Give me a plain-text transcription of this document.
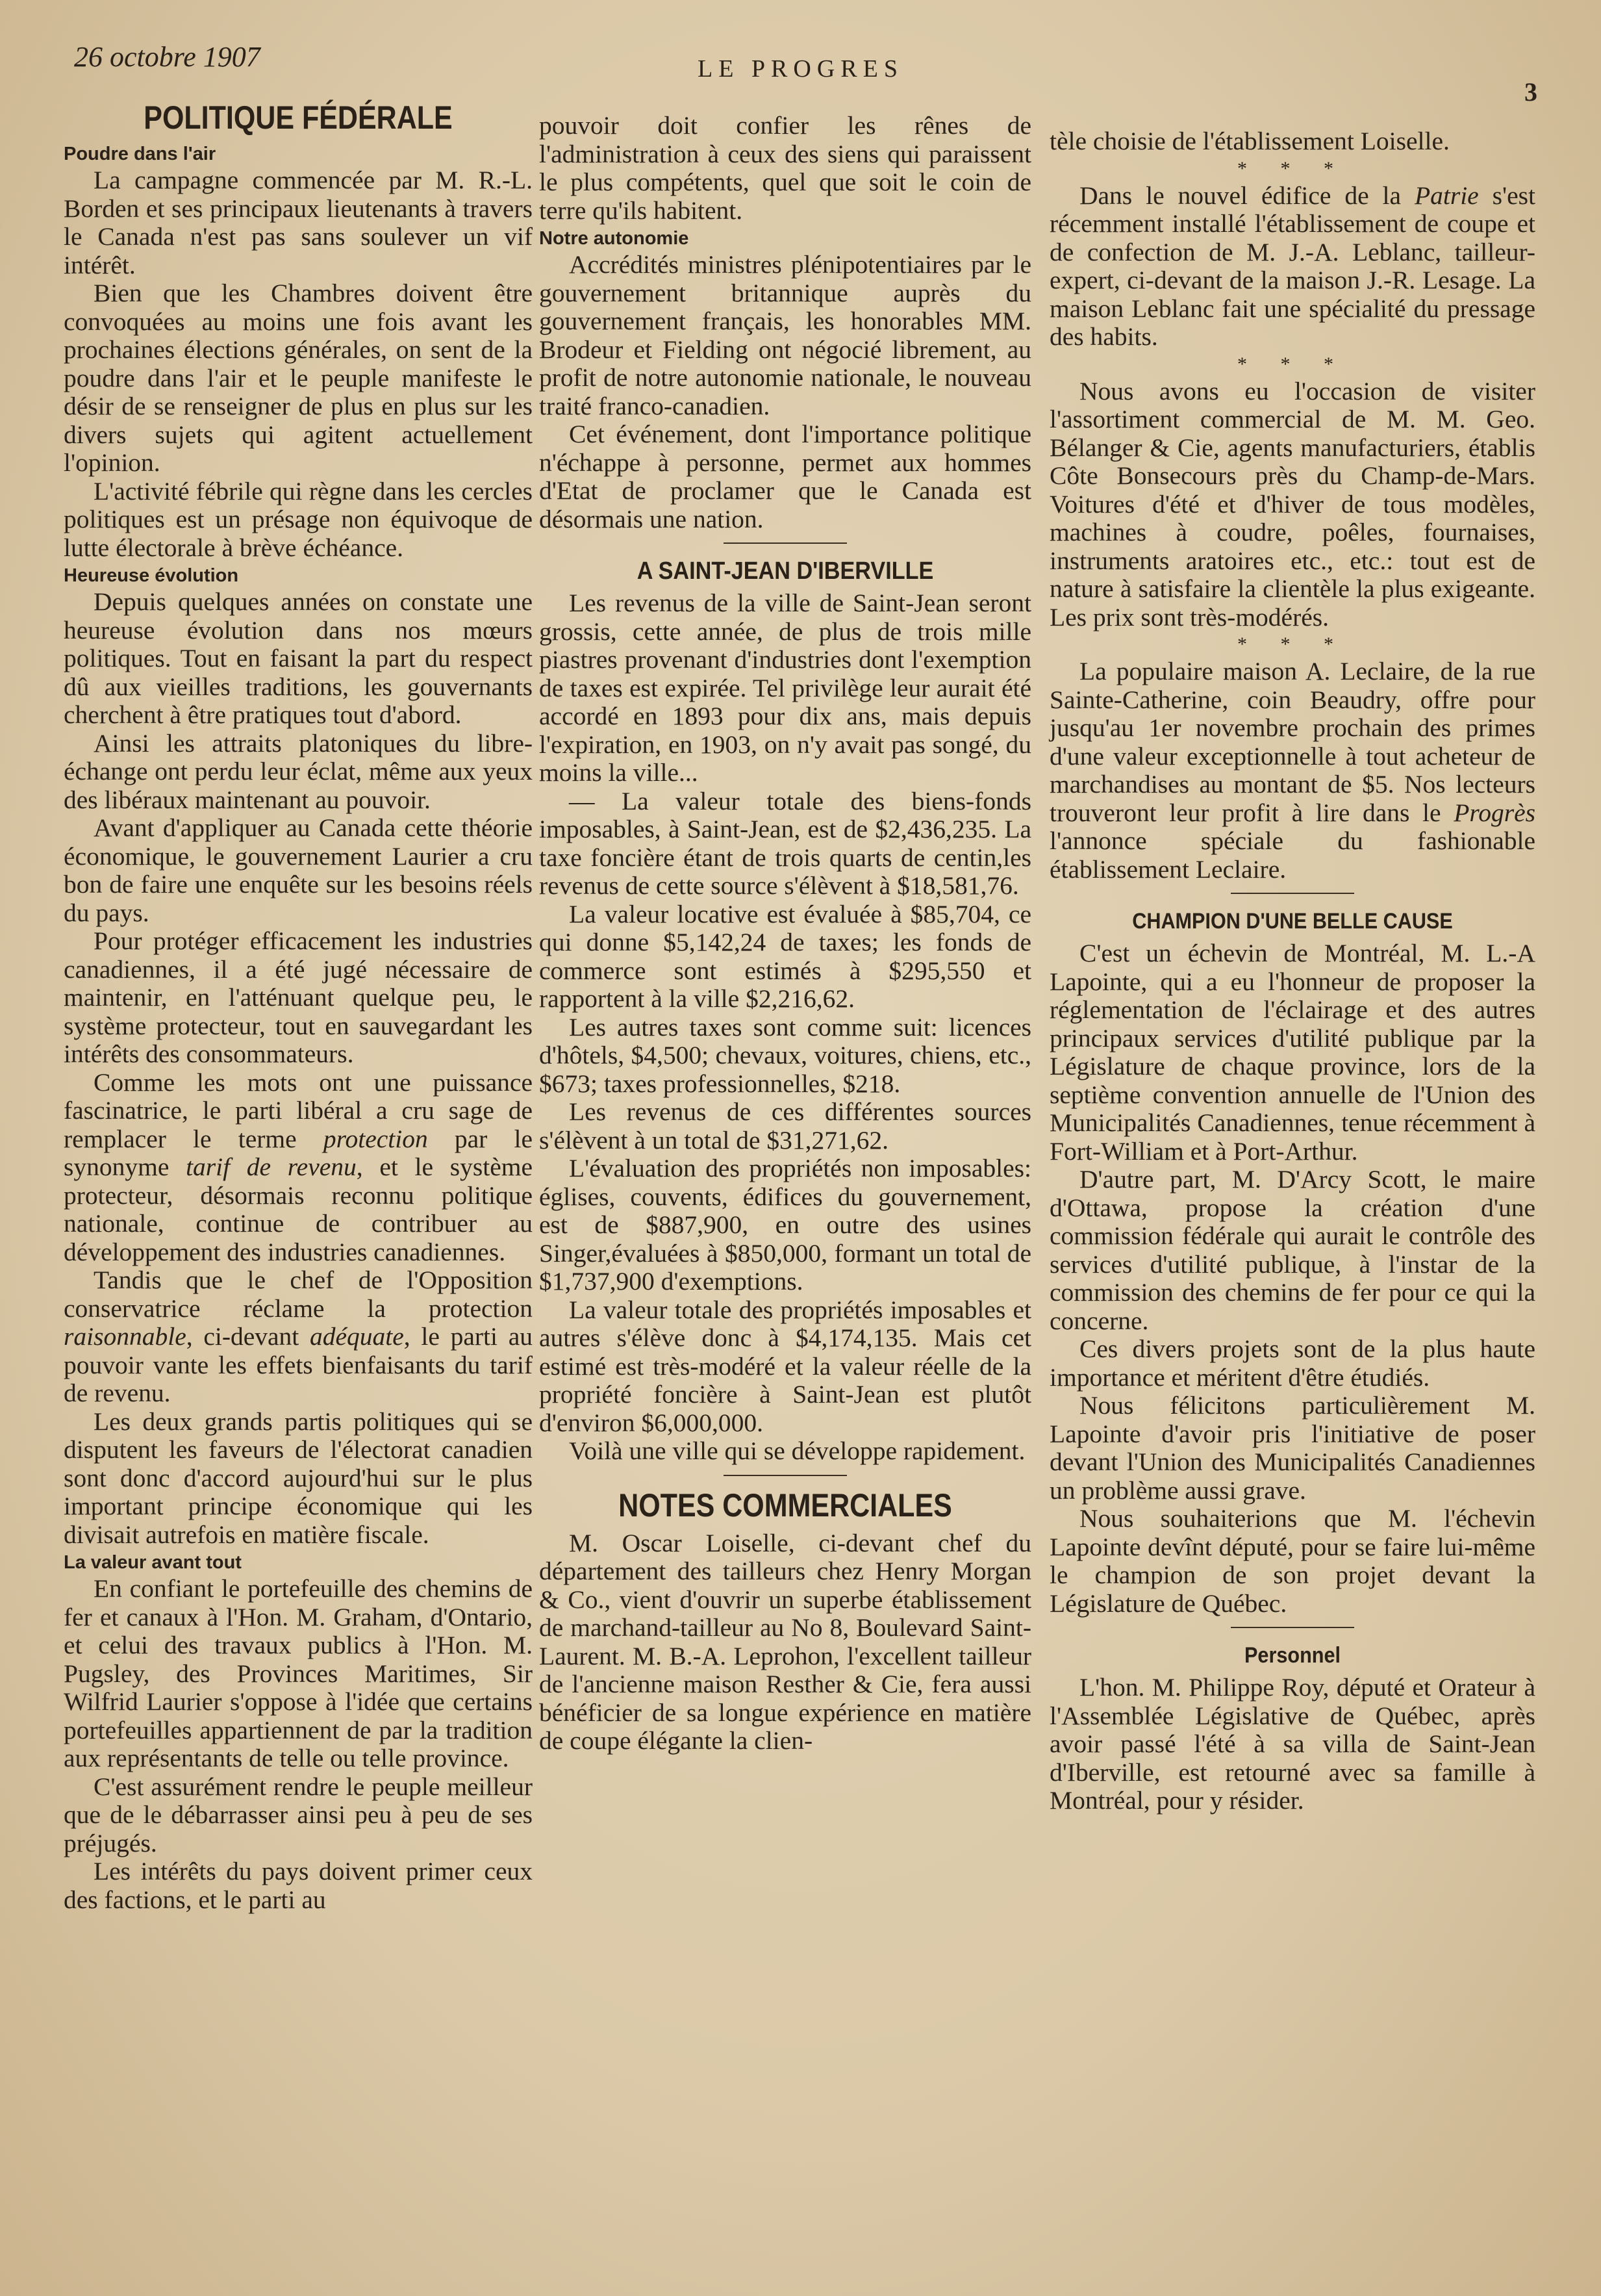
26 octobre 1907	LE PROGRES
3
POLITIQUE FÉDÉRALE
Poudre dans l'air

La campagne commencée par M. R.-L. Borden et ses principaux lieutenants à travers le Canada n'est pas sans soulever un vif intérêt.

Bien que les Chambres doivent être convoquées au moins une fois avant les prochaines élections générales, on sent de la poudre dans l'air et le peuple manifeste le désir de se renseigner de plus en plus sur les divers sujets qui agitent actuellement l'opinion.

L'activité fébrile qui règne dans les cercles politiques est un présage non équivoque de lutte électorale à brève échéance.

Heureuse évolution

Depuis quelques années on constate une heureuse évolution dans nos mœurs politiques. Tout en faisant la part du respect dû aux vieilles traditions, les gouvernants cherchent à être pratiques tout d'abord.

Ainsi les attraits platoniques du libre-échange ont perdu leur éclat, même aux yeux des libéraux maintenant au pouvoir.

Avant d'appliquer au Canada cette théorie économique, le gouvernement Laurier a cru bon de faire une enquête sur les besoins réels du pays.

Pour protéger efficacement les industries canadiennes, il a été jugé nécessaire de maintenir, en l'atténuant quelque peu, le système protecteur, tout en sauvegardant les intérêts des consommateurs.

Comme les mots ont une puissance fascinatrice, le parti libéral a cru sage de remplacer le terme protection par le synonyme tarif de revenu, et le système protecteur, désormais reconnu politique nationale, continue de contribuer au développement des industries canadiennes.

Tandis que le chef de l'Opposition conservatrice réclame la protection raisonnable, ci-devant adéquate, le parti au pouvoir vante les effets bienfaisants du tarif de revenu.

Les deux grands partis politiques qui se disputent les faveurs de l'électorat canadien sont donc d'accord aujourd'hui sur le plus important principe économique qui les divisait autrefois en matière fiscale.

La valeur avant tout

En confiant le portefeuille des chemins de fer et canaux à l'Hon. M. Graham, d'Ontario, et celui des travaux publics à l'Hon. M. Pugsley, des Provinces Maritimes, Sir Wilfrid Laurier s'oppose à l'idée que certains portefeuilles appartiennent de par la tradition aux représentants de telle ou telle province.

C'est assurément rendre le peuple meilleur que de le débarrasser ainsi peu à peu de ses préjugés.

Les intérêts du pays doivent primer ceux des factions, et le parti au

pouvoir doit confier les rênes de l'administration à ceux des siens qui paraissent le plus compétents, quel que soit le coin de terre qu'ils habitent.

Notre autonomie

Accrédités ministres plénipotentiaires par le gouvernement britannique auprès du gouvernement français, les honorables MM. Brodeur et Fielding ont négocié librement, au profit de notre autonomie nationale, le nouveau traité franco-canadien.

Cet événement, dont l'importance politique n'échappe à personne, permet aux hommes d'Etat de proclamer que le Canada est désormais une nation.

A SAINT-JEAN D'IBERVILLE

Les revenus de la ville de Saint-Jean seront grossis, cette année, de plus de trois mille piastres provenant d'industries dont l'exemption de taxes est expirée. Tel privilège leur aurait été accordé en 1893 pour dix ans, mais depuis l'expiration, en 1903, on n'y avait pas songé, du moins la ville...

— La valeur totale des biens-fonds imposables, à Saint-Jean, est de $2,436,235. La taxe foncière étant de trois quarts de centin,les revenus de cette source s'élèvent à $18,581,76.

La valeur locative est évaluée à $85,704, ce qui donne $5,142,24 de taxes; les fonds de commerce sont estimés à $295,550 et rapportent à la ville $2,216,62.

Les autres taxes sont comme suit: licences d'hôtels, $4,500; chevaux, voitures, chiens, etc., $673; taxes professionnelles, $218.

Les revenus de ces différentes sources s'élèvent à un total de $31,271,62.

L'évaluation des propriétés non imposables: églises, couvents, édifices du gouvernement, est de $887,900, en outre des usines Singer,évaluées à $850,000, formant un total de $1,737,900 d'exemptions.

La valeur totale des propriétés imposables et autres s'élève donc à $4,174,135. Mais cet estimé est très-modéré et la valeur réelle de la propriété foncière à Saint-Jean est plutôt d'environ $6,000,000.

Voilà une ville qui se développe rapidement.

NOTES COMMERCIALES

M. Oscar Loiselle, ci-devant chef du département des tailleurs chez Henry Morgan & Co., vient d'ouvrir un superbe établissement de marchand-tailleur au No 8, Boulevard Saint-Laurent. M. B.-A. Leprohon, l'excellent tailleur de l'ancienne maison Resther & Cie, fera aussi bénéficier de sa longue expérience en matière de coupe élégante la clien-

tèle choisie de l'établissement Loiselle.

* * *

Dans le nouvel édifice de la Patrie s'est récemment installé l'établissement de coupe et de confection de M. J.-A. Leblanc, tailleur-expert, ci-devant de la maison J.-R. Lesage. La maison Leblanc fait une spécialité du pressage des habits.

* * *

Nous avons eu l'occasion de visiter l'assortiment commercial de M. M. Geo. Bélanger & Cie, agents manufacturiers, établis Côte Bonsecours près du Champ-de-Mars. Voitures d'été et d'hiver de tous modèles, machines à coudre, poêles, fournaises, instruments aratoires etc., etc.: tout est de nature à satisfaire la clientèle la plus exigeante. Les prix sont très-modérés.

* * *

La populaire maison A. Leclaire, de la rue Sainte-Catherine, coin Beaudry, offre pour jusqu'au 1er novembre prochain des primes d'une valeur exceptionnelle à tout acheteur de marchandises au montant de $5. Nos lecteurs trouveront leur profit à lire dans le Progrès l'annonce spéciale du fashionable établissement Leclaire.

CHAMPION D'UNE BELLE CAUSE

C'est un échevin de Montréal, M. L.-A Lapointe, qui a eu l'honneur de proposer la réglementation de l'éclairage et des autres principaux services d'utilité publique par la Législature de chaque province, lors de la septième convention annuelle de l'Union des Municipalités Canadiennes, tenue récemment à Fort-William et à Port-Arthur.

D'autre part, M. D'Arcy Scott, le maire d'Ottawa, propose la création d'une commission fédérale qui aurait le contrôle des services d'utilité publique, à l'instar de la commission des chemins de fer pour ce qui la concerne.

Ces divers projets sont de la plus haute importance et méritent d'être étudiés.

Nous félicitons particulièrement M. Lapointe d'avoir pris l'initiative de poser devant l'Union des Municipalités Canadiennes un problème aussi grave.

Nous souhaiterions que M. l'échevin Lapointe devînt député, pour se faire lui-même le champion de son projet devant la Législature de Québec.

Personnel

L'hon. M. Philippe Roy, député et Orateur à l'Assemblée Législative de Québec, après avoir passé l'été à sa villa de Saint-Jean d'Iberville, est retourné avec sa famille à Montréal, pour y résider.
